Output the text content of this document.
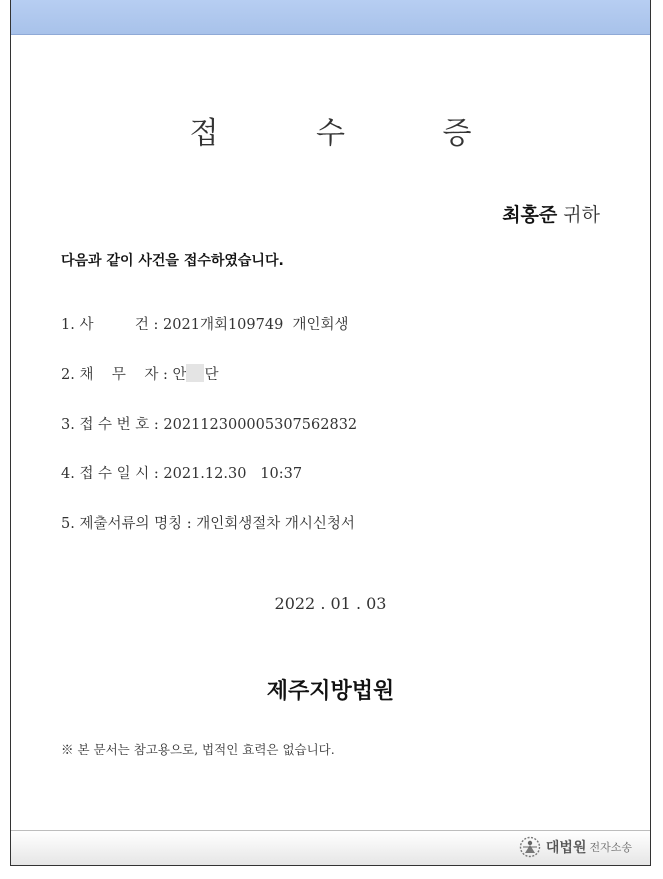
접 수 증
최홍준 귀하
다음과 같이 사건을 접수하였습니다.
1. 사         건 : 2021개회109749  개인회생
2. 채    무    자 : 안 단
3. 접 수 번 호 : 202112300005307562832
4. 접 수 일 시 : 2021.12.30   10:37
5. 제출서류의 명칭 : 개인회생절차 개시신청서
2022 . 01 . 03
제주지방법원
※ 본 문서는 참고용으로, 법적인 효력은 없습니다.
대법원 전자소송
